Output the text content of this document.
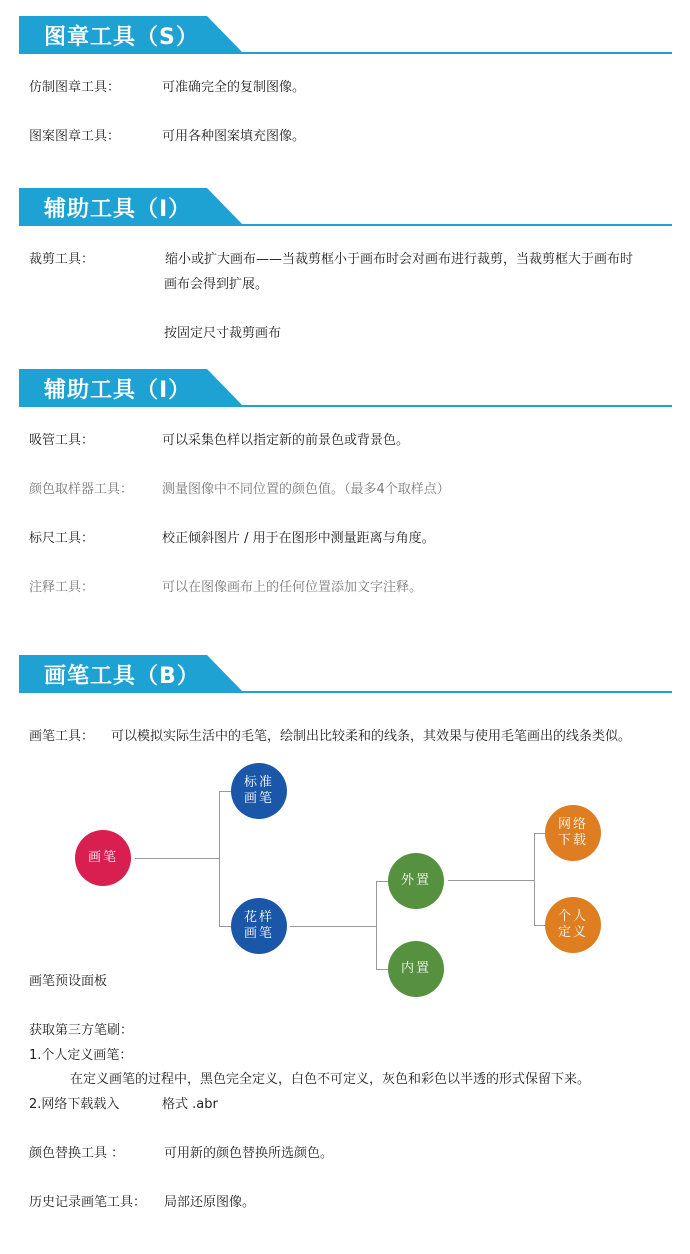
图章工具（S）
仿制图章工具：	可准确完全的复制图像。
图案图章工具：	可用各种图案填充图像。
辅助工具（I）
裁剪工具：	缩小或扩大画布——当裁剪框小于画布时会对画布进行裁剪，当裁剪框大于画布时
画布会得到扩展。
按固定尺寸裁剪画布
辅助工具（I）
吸管工具：	可以采集色样以指定新的前景色或背景色。
颜色取样器工具： 测量图像中不同位置的颜色值。（最多4个取样点）
标尺工具：	校正倾斜图片 / 用于在图形中测量距离与角度。
注释工具：	可以在图像画布上的任何位置添加文字注释。
画笔工具（B）
画笔工具： 可以模拟实际生活中的毛笔，绘制出比较柔和的线条，其效果与使用毛笔画出的线条类似。
画笔
标准画笔
花样画笔
外置
内置
网络下载
个人定义
画笔预设面板
获取第三方笔刷：
1.个人定义画笔：
在定义画笔的过程中，黑色完全定义，白色不可定义，灰色和彩色以半透的形式保留下来。
2.网络下载载入	格式 .abr
颜色替换工具 ：	可用新的颜色替换所选颜色。
历史记录画笔工具： 局部还原图像。
